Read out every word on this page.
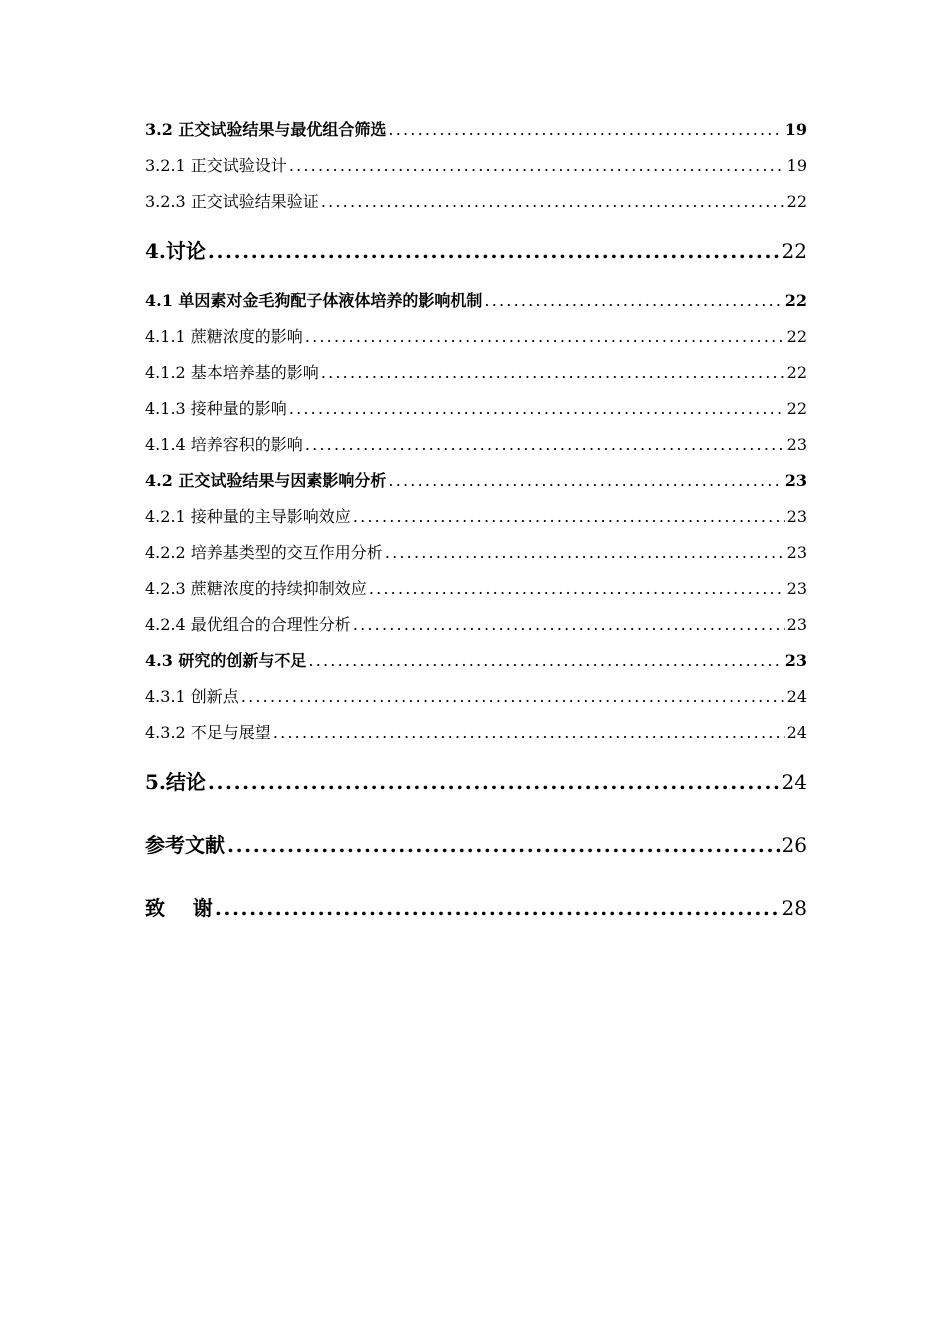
3.2 正交试验结果与最优组合筛选 .....	19
3.2.1 正交试验设计 .....	19
3.2.3 正交试验结果验证 .....	22
4.讨论 .....	22
4.1 单因素对金毛狗配子体液体培养的影响机制 .....	22
4.1.1 蔗糖浓度的影响 .....	22
4.1.2 基本培养基的影响 .....	22
4.1.3 接种量的影响 .....	22
4.1.4 培养容积的影响 .....	23
4.2 正交试验结果与因素影响分析 .....	23
4.2.1 接种量的主导影响效应 .....	23
4.2.2 培养基类型的交互作用分析 .....	23
4.2.3 蔗糖浓度的持续抑制效应 .....	23
4.2.4 最优组合的合理性分析 .....	23
4.3 研究的创新与不足 .....	23
4.3.1 创新点 .....	24
4.3.2 不足与展望 .....	24
5.结论 .....	24
参考文献 .....	26
致    谢 .....	28
